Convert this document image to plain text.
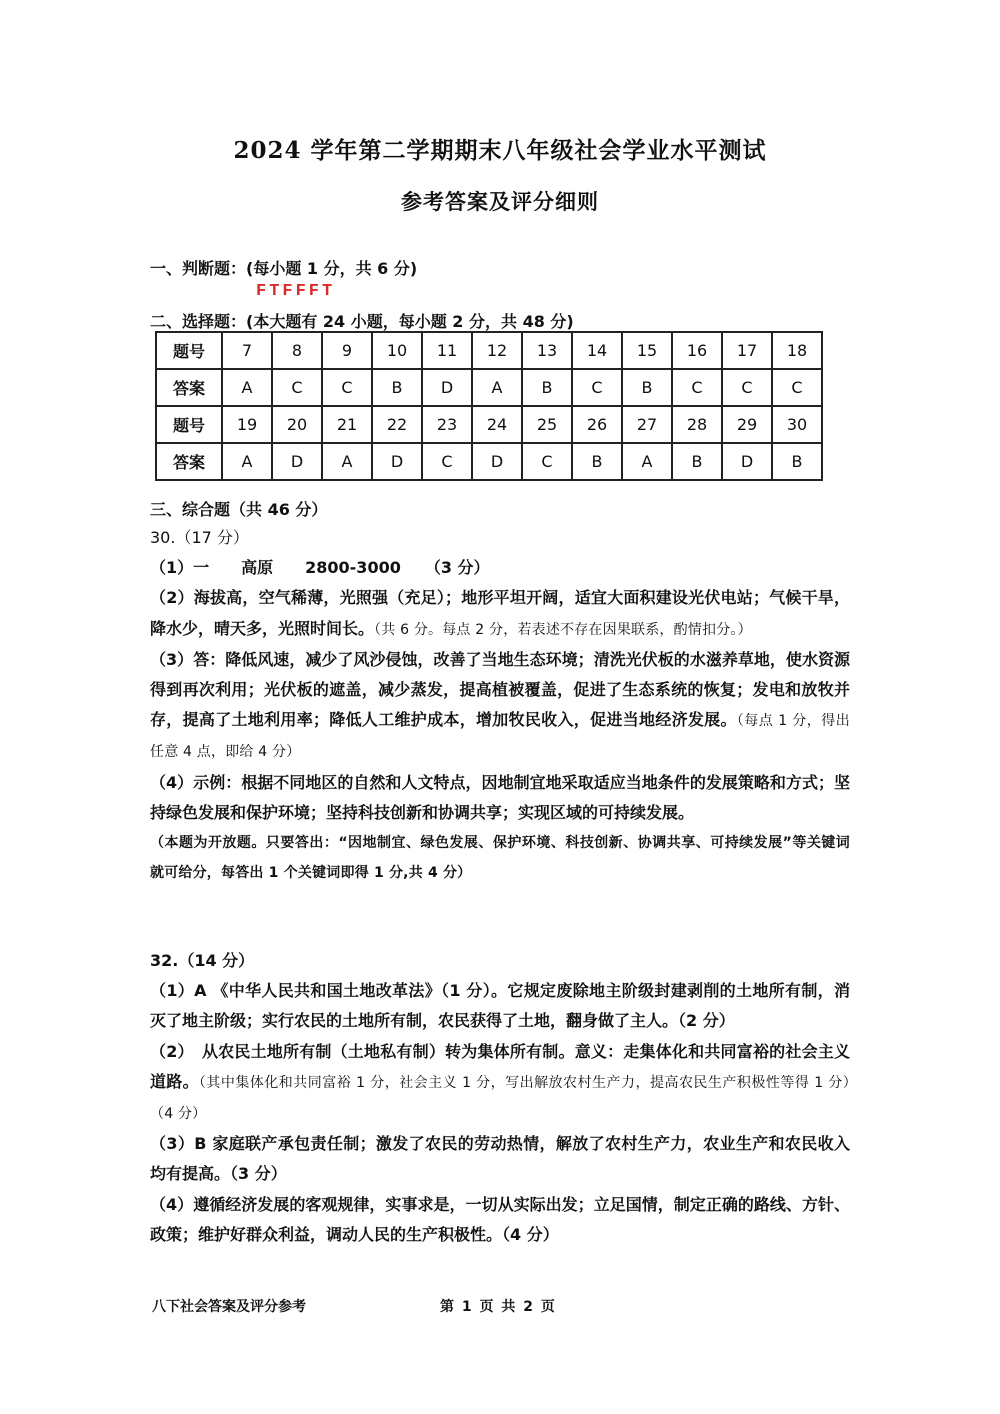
2024 学年第二学期期末八年级社会学业水平测试
参考答案及评分细则
一、判断题：(每小题 1 分，共 6 分)
FTFFFT
二、选择题：(本大题有 24 小题，每小题 2 分，共 48 分)
题号	7	8	9	10	11	12	13	14	15	16	17	18
答案	A	C	C	B	D	A	B	C	B	C	C	C
题号	19	20	21	22	23	24	25	26	27	28	29	30
答案	A	D	A	D	C	D	C	B	A	B	D	B
三、综合题（共 46 分）

30.（17 分）

（1）一　　高原　　2800-3000　　（3 分）

（2）海拔高，空气稀薄，光照强（充足）；地形平坦开阔，适宜大面积建设光伏电站；气候干旱，降水少，晴天多，光照时间长。（共 6 分。每点 2 分，若表述不存在因果联系，酌情扣分。）

（3）答：降低风速，减少了风沙侵蚀，改善了当地生态环境；清洗光伏板的水滋养草地，使水资源得到再次利用；光伏板的遮盖，减少蒸发，提高植被覆盖，促进了生态系统的恢复；发电和放牧并存，提高了土地利用率；降低人工维护成本，增加牧民收入，促进当地经济发展。（每点 1 分，得出任意 4 点，即给 4 分）

（4）示例：根据不同地区的自然和人文特点，因地制宜地采取适应当地条件的发展策略和方式；坚持绿色发展和保护环境；坚持科技创新和协调共享；实现区域的可持续发展。

（本题为开放题。只要答出：“因地制宜、绿色发展、保护环境、科技创新、协调共享、可持续发展”等关键词就可给分，每答出 1 个关键词即得 1 分,共 4 分）

32.（14 分）

（1）A 《中华人民共和国土地改革法》（1 分）。它规定废除地主阶级封建剥削的土地所有制，消灭了地主阶级；实行农民的土地所有制，农民获得了土地，翻身做了主人。（2 分）

（2）　从农民土地所有制（土地私有制）转为集体所有制。意义：走集体化和共同富裕的社会主义道路。（其中集体化和共同富裕 1 分，社会主义 1 分，写出解放农村生产力，提高农民生产积极性等得 1 分）　　　　（4 分）

（3）B 家庭联产承包责任制；激发了农民的劳动热情，解放了农村生产力，农业生产和农民收入均有提高。（3 分）

（4）遵循经济发展的客观规律，实事求是，一切从实际出发；立足国情，制定正确的路线、方针、政策；维护好群众利益，调动人民的生产积极性。（4 分）

八下社会答案及评分参考	第 1 页 共 2 页
